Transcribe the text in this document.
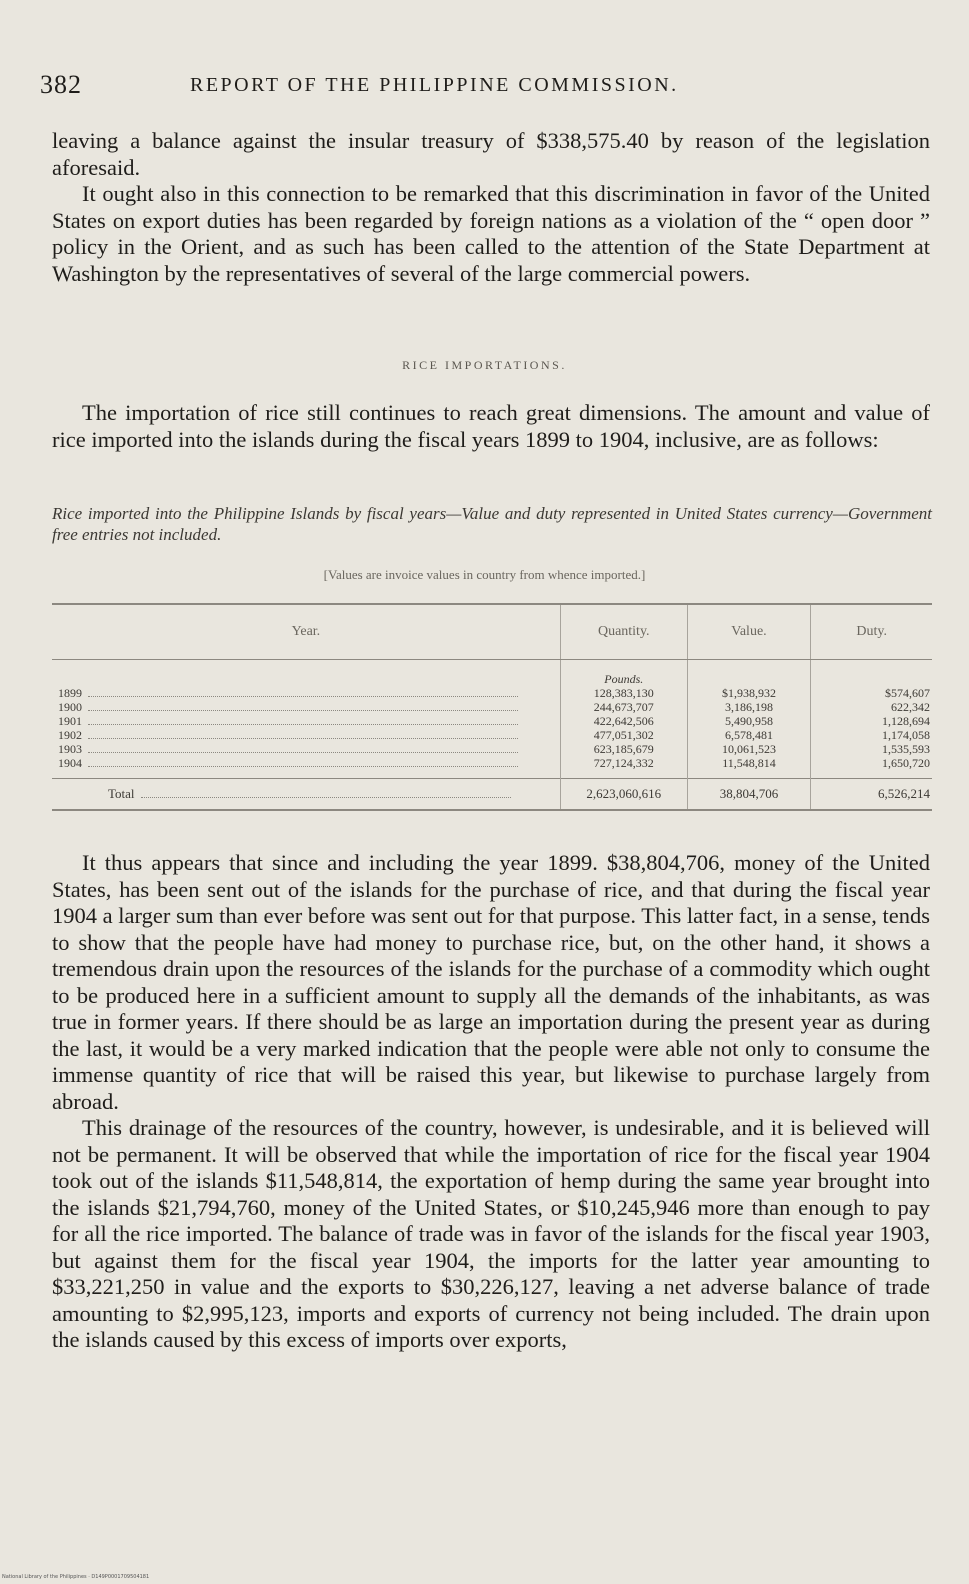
382	REPORT OF THE PHILIPPINE COMMISSION.

leaving a balance against the insular treasury of $338,575.40 by reason of the legislation aforesaid.

It ought also in this connection to be remarked that this discrimination in favor of the United States on export duties has been regarded by foreign nations as a violation of the “ open door ” policy in the Orient, and as such has been called to the attention of the State Department at Washington by the representatives of several of the large commercial powers.

RICE IMPORTATIONS.

The importation of rice still continues to reach great dimensions. The amount and value of rice imported into the islands during the fiscal years 1899 to 1904, inclusive, are as follows:

Rice imported into the Philippine Islands by fiscal years—Value and duty represented in United States currency—Government free entries not included.
[Values are invoice values in country from whence imported.]
Year.	Quantity.	Value.	Duty.
	Pounds.		
1899	128,383,130	$1,938,932	$574,607
1900	244,673,707	3,186,198	622,342
1901	422,642,506	5,490,958	1,128,694
1902	477,051,302	6,578,481	1,174,058
1903	623,185,679	10,061,523	1,535,593
1904	727,124,332	11,548,814	1,650,720
Total	2,623,060,616	38,804,706	6,526,214

It thus appears that since and including the year 1899. $38,804,706, money of the United States, has been sent out of the islands for the purchase of rice, and that during the fiscal year 1904 a larger sum than ever before was sent out for that purpose. This latter fact, in a sense, tends to show that the people have had money to purchase rice, but, on the other hand, it shows a tremendous drain upon the resources of the islands for the purchase of a commodity which ought to be produced here in a sufficient amount to supply all the demands of the inhabitants, as was true in former years. If there should be as large an importation during the present year as during the last, it would be a very marked indication that the people were able not only to consume the immense quantity of rice that will be raised this year, but likewise to purchase largely from abroad.

This drainage of the resources of the country, however, is undesirable, and it is believed will not be permanent. It will be observed that while the importation of rice for the fiscal year 1904 took out of the islands $11,548,814, the exportation of hemp during the same year brought into the islands $21,794,760, money of the United States, or $10,245,946 more than enough to pay for all the rice imported. The balance of trade was in favor of the islands for the fiscal year 1903, but against them for the fiscal year 1904, the imports for the latter year amounting to $33,221,250 in value and the exports to $30,226,127, leaving a net adverse balance of trade amounting to $2,995,123, imports and exports of currency not being included. The drain upon the islands caused by this excess of imports over exports,

National Library of the Philippines · D149P0001709504181
